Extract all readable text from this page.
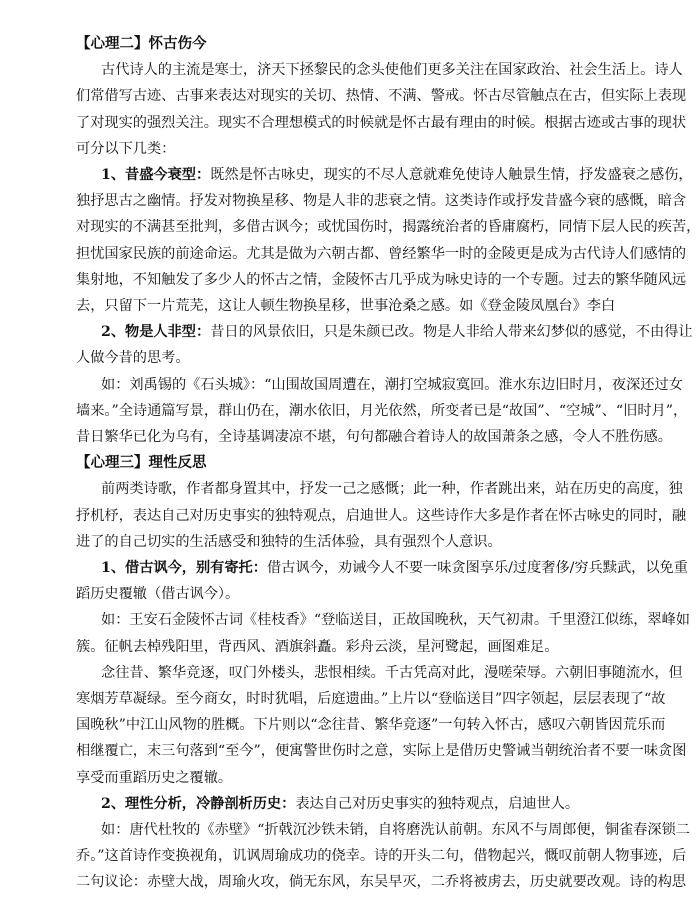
【心理二】怀古伤今
古代诗人的主流是寒士，济天下拯黎民的念头使他们更多关注在国家政治、社会生活上。诗人
们常借写古迹、古事来表达对现实的关切、热情、不满、警戒。怀古尽管触点在古，但实际上表现
了对现实的强烈关注。现实不合理想模式的时候就是怀古最有理由的时候。根据古迹或古事的现状
可分以下几类：
1、昔盛今衰型：既然是怀古咏史，现实的不尽人意就难免使诗人触景生情，抒发盛衰之感伤，
独抒思古之幽情。抒发对物换星移、物是人非的悲衰之情。这类诗作或抒发昔盛今衰的感慨，暗含
对现实的不满甚至批判，多借古讽今；或忧国伤时，揭露统治者的昏庸腐朽，同情下层人民的疾苦，
担忧国家民族的前途命运。尤其是做为六朝古都、曾经繁华一时的金陵更是成为古代诗人们感情的
集射地，不知触发了多少人的怀古之情，金陵怀古几乎成为咏史诗的一个专题。过去的繁华随风远
去，只留下一片荒芜，这让人顿生物换星移，世事沧桑之感。如《登金陵凤凰台》李白
2、物是人非型：昔日的风景依旧，只是朱颜已改。物是人非给人带来幻梦似的感觉，不由得让
人做今昔的思考。
如：刘禹锡的《石头城》：“山围故国周遭在，潮打空城寂寞回。淮水东边旧时月，夜深还过女
墙来。”全诗通篇写景，群山仍在，潮水依旧，月光依然，所变者已是“故国”、“空城”、“旧时月”，
昔日繁华已化为乌有，全诗基调凄凉不堪，句句都融合着诗人的故国萧条之感，令人不胜伤感。
【心理三】理性反思
前两类诗歌，作者都身置其中，抒发一己之感慨；此一种，作者跳出来，站在历史的高度，独
抒机杼，表达自己对历史事实的独特观点，启迪世人。这些诗作大多是作者在怀古咏史的同时，融
进了的自己切实的生活感受和独特的生活体验，具有强烈个人意识。
1、借古讽今，别有寄托：借古讽今，劝诫今人不要一味贪图享乐/过度奢侈/穷兵黩武，以免重
蹈历史覆辙（借古讽今）。
如：王安石金陵怀古词《桂枝香》“登临送目，正故国晚秋，天气初肃。千里澄江似练，翠峰如
簇。征帆去棹残阳里，背西风、酒旗斜矗。彩舟云淡，星河鹭起，画图难足。
念往昔、繁华竞逐，叹门外楼头，悲恨相续。千古凭高对此，漫嗟荣辱。六朝旧事随流水，但
寒烟芳草凝绿。至今商女，时时犹唱，后庭遗曲。”上片以“登临送目”四字领起，层层表现了“故
国晚秋”中江山风物的胜概。下片则以“念往昔、繁华竞逐”一句转入怀古，感叹六朝皆因荒乐而
相继覆亡，末三句落到“至今”，便寓警世伤时之意，实际上是借历史警诫当朝统治者不要一味贪图
享受而重蹈历史之覆辙。
2、理性分析，冷静剖析历史：表达自己对历史事实的独特观点，启迪世人。
如：唐代杜牧的《赤壁》“折戟沉沙铁未销，自将磨洗认前朝。东风不与周郎便，铜雀春深锁二
乔。”这首诗作变换视角，讥讽周瑜成功的侥幸。诗的开头二句，借物起兴，慨叹前朝人物事迹，后
二句议论：赤壁大战，周瑜火攻，倘无东风，东吴早灭，二乔将被虏去，历史就要改观。诗的构思
